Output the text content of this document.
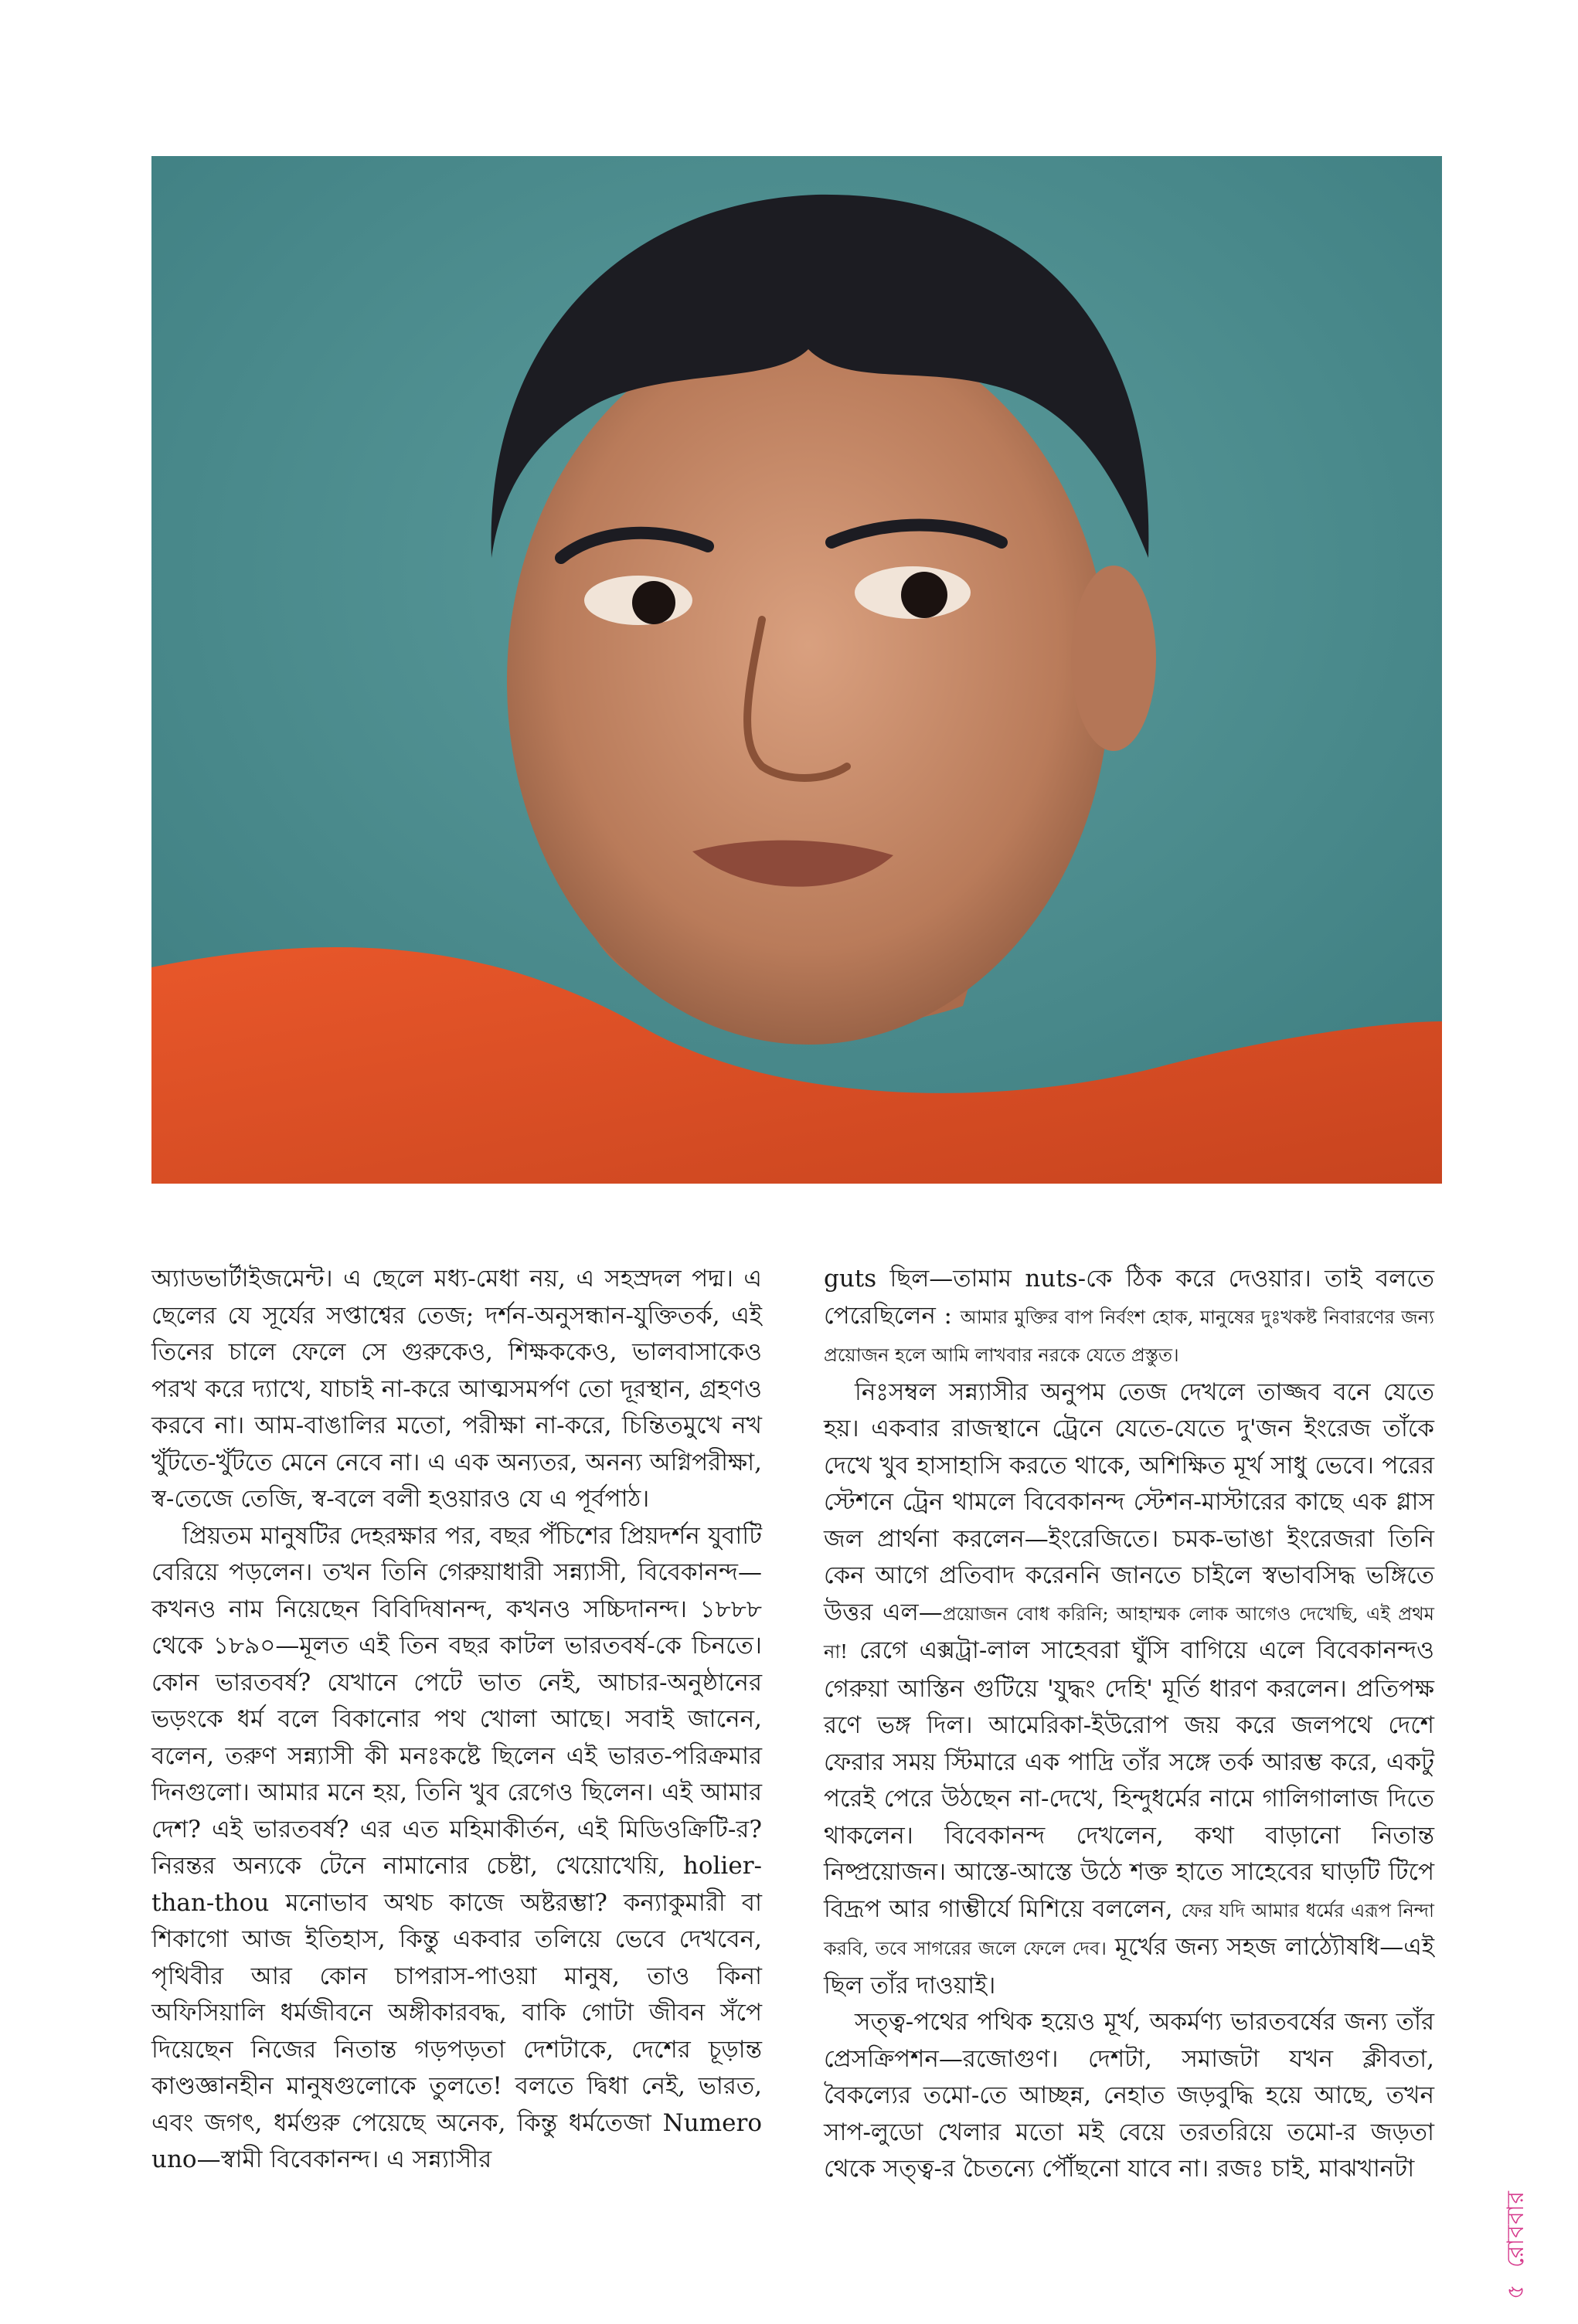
অ্যাডভার্টাইজমেন্ট। এ ছেলে মধ্য-মেধা নয়, এ সহস্রদল পদ্ম। এ ছেলের যে সূর্যের সপ্তাশ্বের তেজ; দর্শন-অনুসন্ধান-যুক্তিতর্ক, এই তিনের চালে ফেলে সে গুরুকেও, শিক্ষককেও, ভালবাসাকেও পরখ করে দ্যাখে, যাচাই না-করে আত্মসমর্পণ তো দূরস্থান, গ্রহণও করবে না। আম-বাঙালির মতো, পরীক্ষা না-করে, চিন্তিতমুখে নখ খুঁটতে-খুঁটতে মেনে নেবে না। এ এক অন্যতর, অনন্য অগ্নিপরীক্ষা, স্ব-তেজে তেজি, স্ব-বলে বলী হওয়ারও যে এ পূর্বপাঠ।

প্রিয়তম মানুষটির দেহরক্ষার পর, বছর পঁচিশের প্রিয়দর্শন যুবাটি বেরিয়ে পড়লেন। তখন তিনি গেরুয়াধারী সন্ন্যাসী, বিবেকানন্দ—কখনও নাম নিয়েছেন বিবিদিষানন্দ, কখনও সচ্চিদানন্দ। ১৮৮৮ থেকে ১৮৯০—মূলত এই তিন বছর কাটল ভারতবর্ষ-কে চিনতে। কোন ভারতবর্ষ? যেখানে পেটে ভাত নেই, আচার-অনুষ্ঠানের ভড়ংকে ধর্ম বলে বিকানোর পথ খোলা আছে। সবাই জানেন, বলেন, তরুণ সন্ন্যাসী কী মনঃকষ্টে ছিলেন এই ভারত-পরিক্রমার দিনগুলো। আমার মনে হয়, তিনি খুব রেগেও ছিলেন। এই আমার দেশ? এই ভারতবর্ষ? এর এত মহিমাকীর্তন, এই মিডিওক্রিটি-র? নিরন্তর অন্যকে টেনে নামানোর চেষ্টা, খেয়োখেয়ি, holier-than-thou মনোভাব অথচ কাজে অষ্টরম্ভা? কন্যাকুমারী বা শিকাগো আজ ইতিহাস, কিন্তু একবার তলিয়ে ভেবে দেখবেন, পৃথিবীর আর কোন চাপরাস-পাওয়া মানুষ, তাও কিনা অফিসিয়ালি ধর্মজীবনে অঙ্গীকারবদ্ধ, বাকি গোটা জীবন সঁপে দিয়েছেন নিজের নিতান্ত গড়পড়তা দেশটাকে, দেশের চূড়ান্ত কাণ্ডজ্ঞানহীন মানুষগুলোকে তুলতে! বলতে দ্বিধা নেই, ভারত, এবং জগৎ, ধর্মগুরু পেয়েছে অনেক, কিন্তু ধর্মতেজা Numero uno—স্বামী বিবেকানন্দ। এ সন্ন্যাসীর

guts ছিল—তামাম nuts-কে ঠিক করে দেওয়ার। তাই বলতে পেরেছিলেন : আমার মুক্তির বাপ নির্বংশ হোক, মানুষের দুঃখকষ্ট নিবারণের জন্য প্রয়োজন হলে আমি লাখবার নরকে যেতে প্রস্তুত।

নিঃসম্বল সন্ন্যাসীর অনুপম তেজ দেখলে তাজ্জব বনে যেতে হয়। একবার রাজস্থানে ট্রেনে যেতে-যেতে দু'জন ইংরেজ তাঁকে দেখে খুব হাসাহাসি করতে থাকে, অশিক্ষিত মূর্খ সাধু ভেবে। পরের স্টেশনে ট্রেন থামলে বিবেকানন্দ স্টেশন-মাস্টারের কাছে এক গ্লাস জল প্রার্থনা করলেন—ইংরেজিতে। চমক-ভাঙা ইংরেজরা তিনি কেন আগে প্রতিবাদ করেননি জানতে চাইলে স্বভাবসিদ্ধ ভঙ্গিতে উত্তর এল—প্রয়োজন বোধ করিনি; আহাম্মক লোক আগেও দেখেছি, এই প্রথম না! রেগে এক্সট্রা-লাল সাহেবরা ঘুঁসি বাগিয়ে এলে বিবেকানন্দও গেরুয়া আস্তিন গুটিয়ে 'যুদ্ধং দেহি' মূর্তি ধারণ করলেন। প্রতিপক্ষ রণে ভঙ্গ দিল। আমেরিকা-ইউরোপ জয় করে জলপথে দেশে ফেরার সময় স্টিমারে এক পাদ্রি তাঁর সঙ্গে তর্ক আরম্ভ করে, একটু পরেই পেরে উঠছেন না-দেখে, হিন্দুধর্মের নামে গালিগালাজ দিতে থাকলেন। বিবেকানন্দ দেখলেন, কথা বাড়ানো নিতান্ত নিষ্প্রয়োজন। আস্তে-আস্তে উঠে শক্ত হাতে সাহেবের ঘাড়টি টিপে বিদ্রূপ আর গাম্ভীর্যে মিশিয়ে বললেন, ফের যদি আমার ধর্মের এরূপ নিন্দা করবি, তবে সাগরের জলে ফেলে দেব। মূর্খের জন্য সহজ লাঠ্যৌষধি—এই ছিল তাঁর দাওয়াই।

সত্ত্ব-পথের পথিক হয়েও মূর্খ, অকর্মণ্য ভারতবর্ষের জন্য তাঁর প্রেসক্রিপশন—রজোগুণ। দেশটা, সমাজটা যখন ক্লীবতা, বৈকল্যের তমো-তে আচ্ছন্ন, নেহাত জড়বুদ্ধি হয়ে আছে, তখন সাপ-লুডো খেলার মতো মই বেয়ে তরতরিয়ে তমো-র জড়তা থেকে সত্ত্ব-র চৈতন্যে পৌঁছনো যাবে না। রজঃ চাই, মাঝখানটা

৫ রোববার
